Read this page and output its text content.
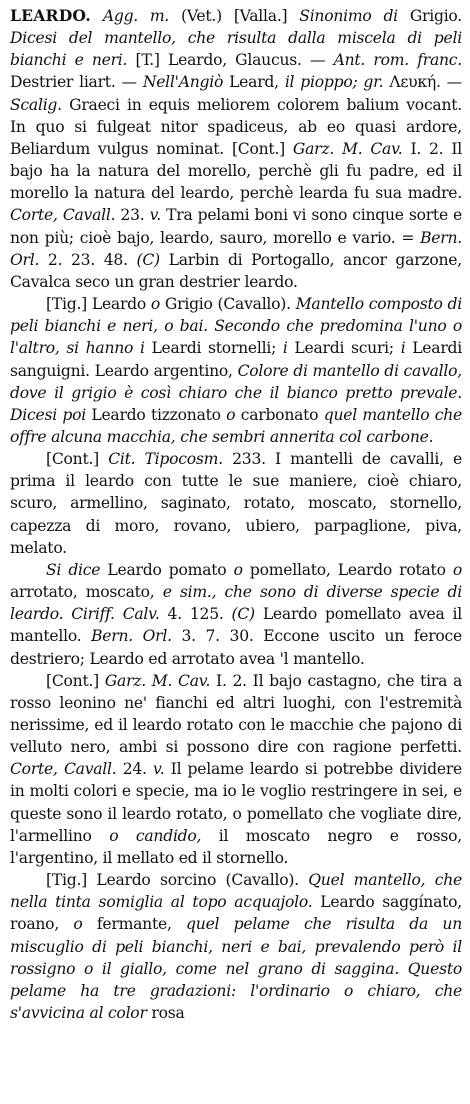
LEARDO. Agg. m. (Vet.) [Valla.] Sinonimo di Grigio. Dicesi del mantello, che risulta dalla miscela di peli bianchi e neri. [T.] Leardo, Glaucus. — Ant. rom. franc. Destrier liart. — Nell'Angiò Leard, il pioppo; gr. Λευκή. — Scalig. Graeci in equis meliorem colorem balium vocant. In quo si fulgeat nitor spadiceus, ab eo quasi ardore, Beliardum vulgus nominat. [Cont.] Garz. M. Cav. I. 2. Il bajo ha la natura del morello, perchè gli fu padre, ed il morello la natura del leardo, perchè learda fu sua madre. Corte, Cavall. 23. v. Tra pelami boni vi sono cinque sorte e non più; cioè bajo, leardo, sauro, morello e vario. = Bern. Orl. 2. 23. 48. (C) Larbin di Portogallo, ancor garzone, Cavalca seco un gran destrier leardo.

[Tig.] Leardo o Grigio (Cavallo). Mantello composto di peli bianchi e neri, o bai. Secondo che predomina l'uno o l'altro, si hanno i Leardi stornelli; i Leardi scuri; i Leardi sanguigni. Leardo argentino, Colore di mantello di cavallo, dove il grigio è così chiaro che il bianco pretto prevale. Dicesi poi Leardo tizzonato o carbonato quel mantello che offre alcuna macchia, che sembri annerita col carbone.

[Cont.] Cit. Tipocosm. 233. I mantelli de cavalli, e prima il leardo con tutte le sue maniere, cioè chiaro, scuro, armellino, saginato, rotato, moscato, stornello, capezza di moro, rovano, ubiero, parpaglione, piva, melato.

Si dice Leardo pomato o pomellato, Leardo rotato o arrotato, moscato, e sim., che sono di diverse specie di leardo. Ciriff. Calv. 4. 125. (C) Leardo pomellato avea il mantello. Bern. Orl. 3. 7. 30. Eccone uscito un feroce destriero; Leardo ed arrotato avea 'l mantello.

[Cont.] Garz. M. Cav. I. 2. Il bajo castagno, che tira a rosso leonino ne' fianchi ed altri luoghi, con l'estremità nerissime, ed il leardo rotato con le macchie che pajono di velluto nero, ambi si possono dire con ragione perfetti. Corte, Cavall. 24. v. Il pelame leardo si potrebbe dividere in molti colori e specie, ma io le voglio restringere in sei, e queste sono il leardo rotato, o pomellato che vogliate dire, l'armellino o candido, il moscato negro e rosso, l'argentino, il mellato ed il stornello.

[Tig.] Leardo sorcino (Cavallo). Quel mantello, che nella tinta somiglia al topo acquajolo. Leardo saggínato, roano, o fermante, quel pelame che risulta da un miscuglio di peli bianchi, neri e bai, prevalendo però il rossigno o il giallo, come nel grano di saggina. Questo pelame ha tre gradazioni: l'ordinario o chiaro, che s'avvicina al color rosa
